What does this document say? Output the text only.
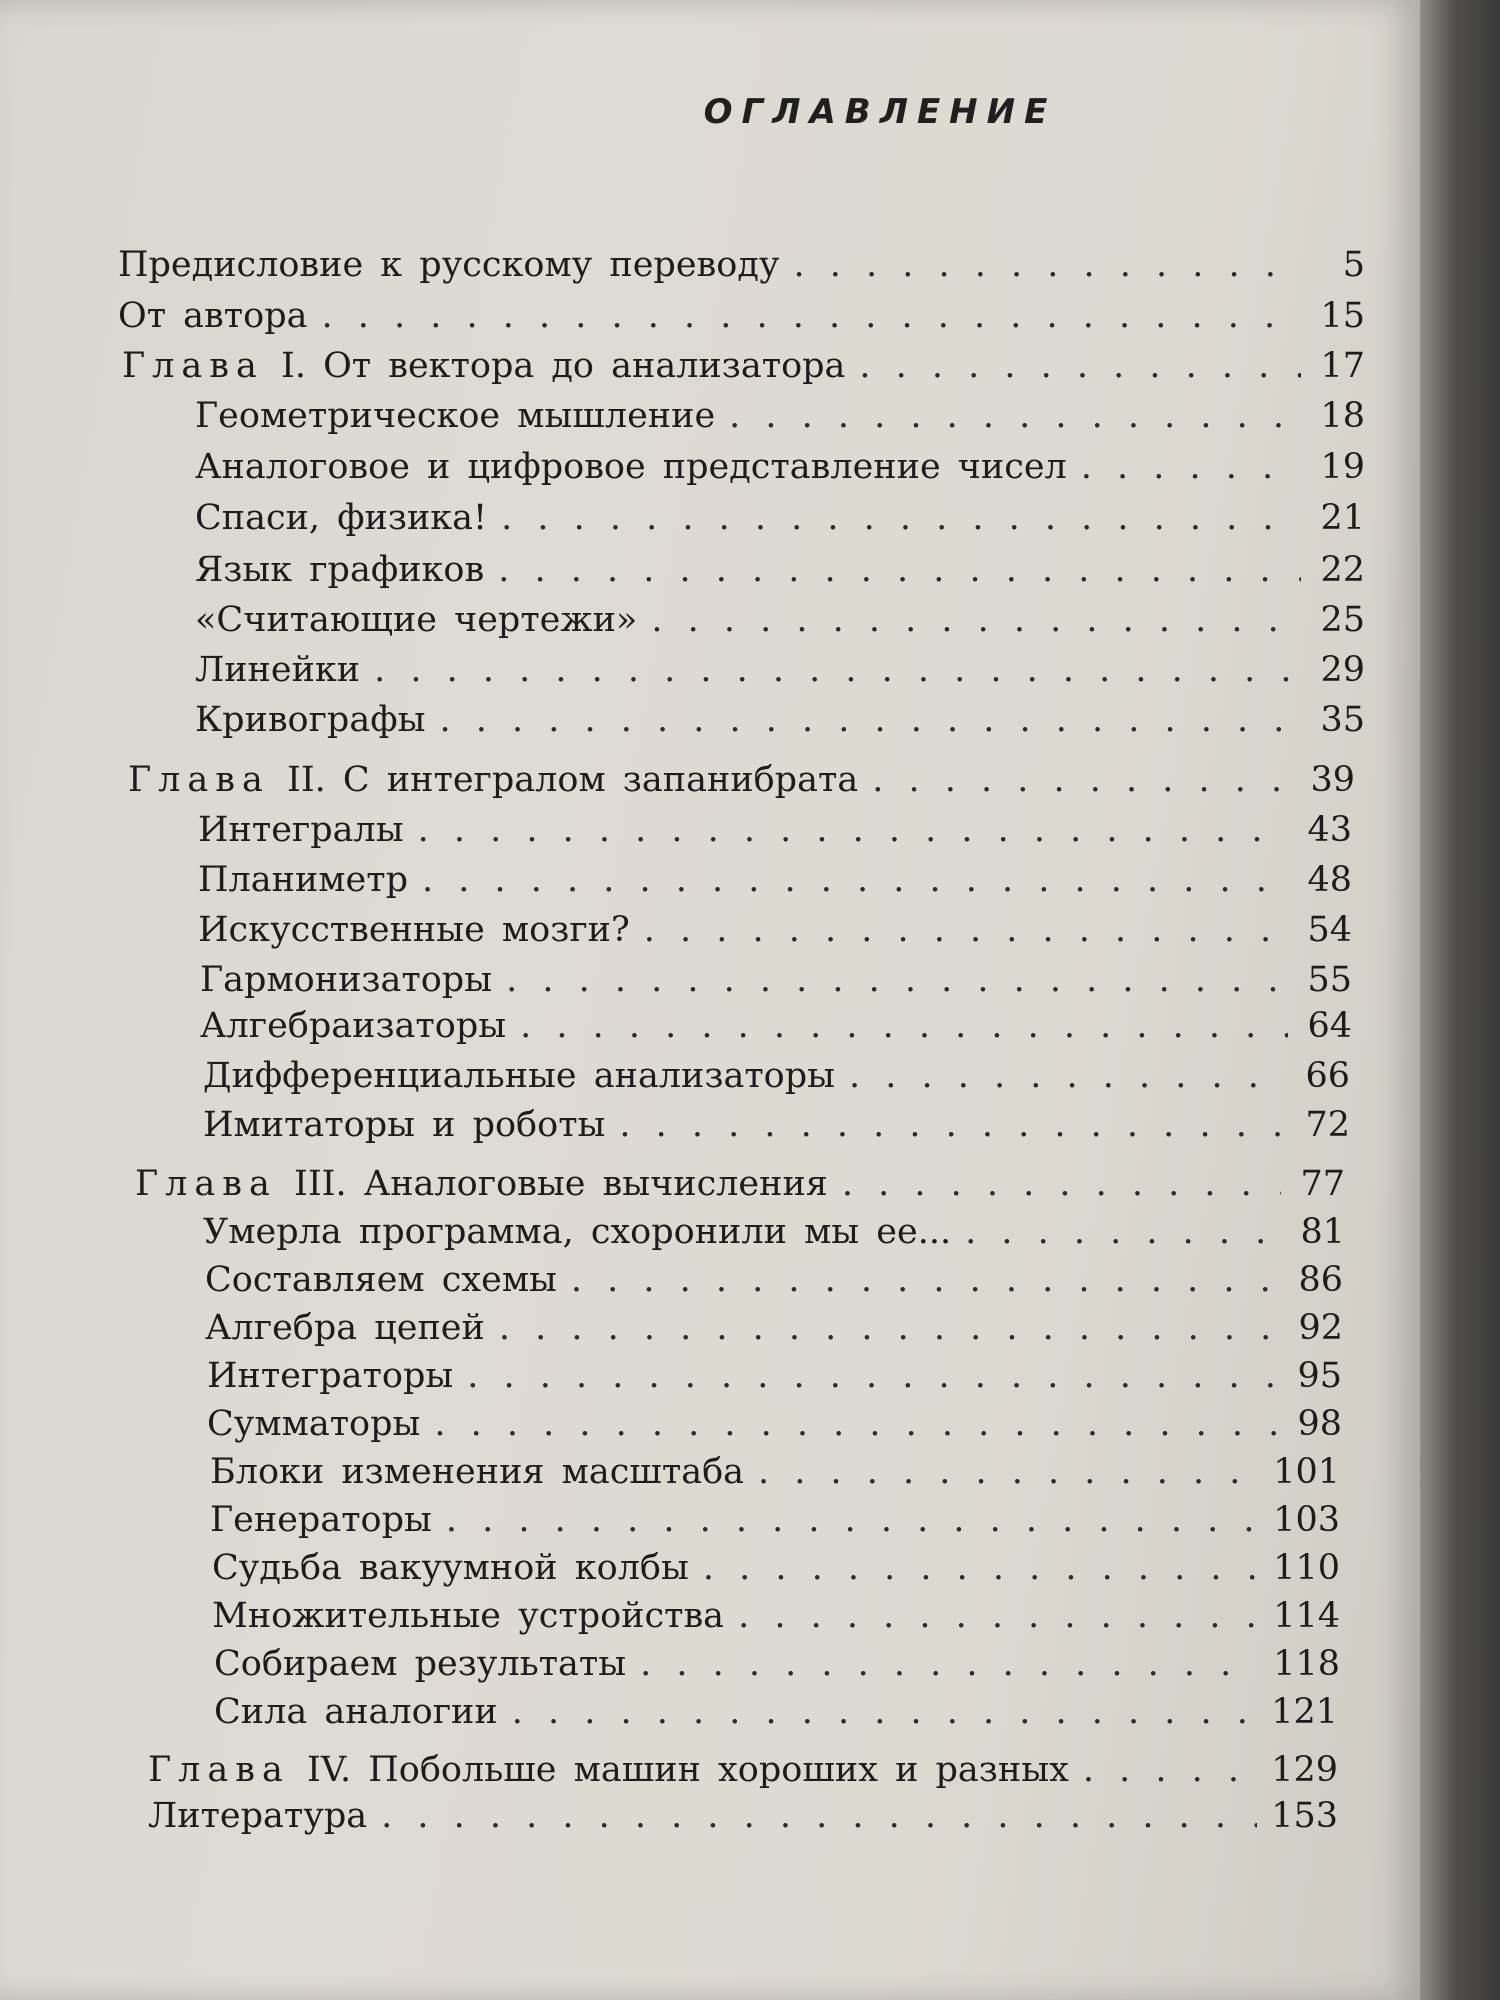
ОГЛАВЛЕНИЕ
Предисловие к русскому переводу . . .	5
От автора . . .	15
Глава I. От вектора до анализатора . . .	17
Геометрическое мышление . . .	18
Аналоговое и цифровое представление чисел . . .	19
Спаси, физика! . . .	21
Язык графиков . . .	22
«Считающие чертежи» . . .	25
Линейки . . .	29
Кривографы . . .	35
Глава II. С интегралом запанибрата . . .	39
Интегралы . . .	43
Планиметр . . .	48
Искусственные мозги? . . .	54
Гармонизаторы . . .	55
Алгебраизаторы . . .	64
Дифференциальные анализаторы . . .	66
Имитаторы и роботы . . .	72
Глава III. Аналоговые вычисления . . .	77
Умерла программа, схоронили мы ее... . . .	81
Составляем схемы . . .	86
Алгебра цепей . . .	92
Интеграторы . . .	95
Сумматоры . . .	98
Блоки изменения масштаба . . .	101
Генераторы . . .	103
Судьба вакуумной колбы . . .	110
Множительные устройства . . .	114
Собираем результаты . . .	118
Сила аналогии . . .	121
Глава IV. Побольше машин хороших и разных . . .	129
Литература . . .	153
